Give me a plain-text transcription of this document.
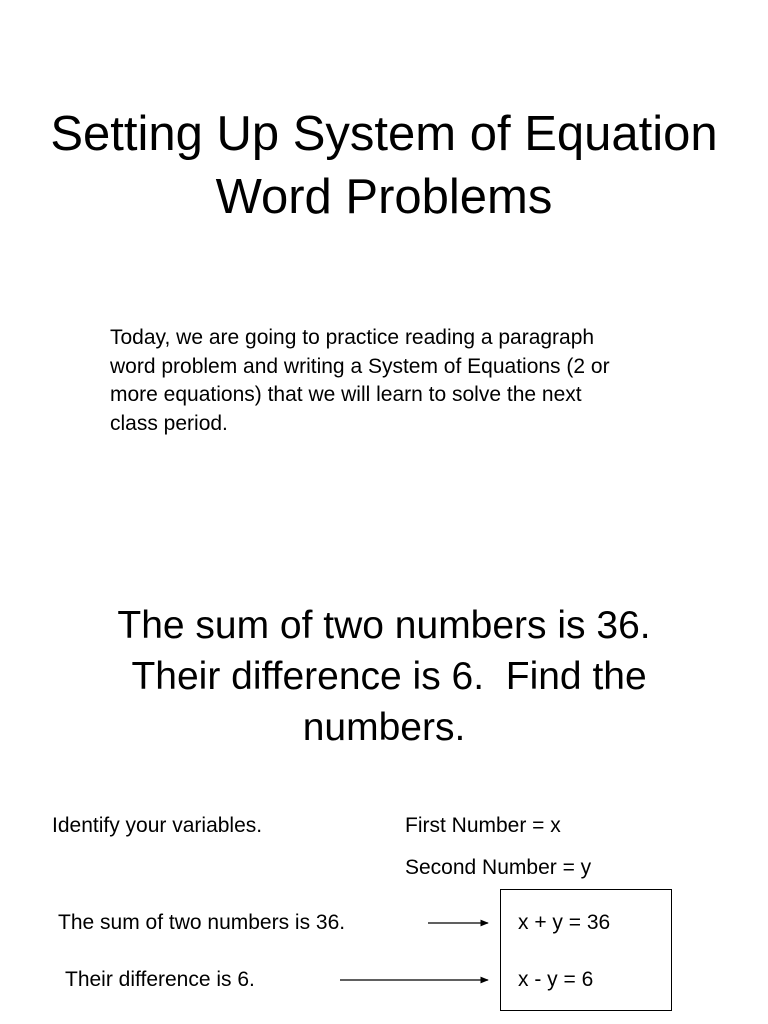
Setting Up System of Equation
Word Problems
Today, we are going to practice reading a paragraph
word problem and writing a System of Equations (2 or
more equations) that we will learn to solve the next
class period.
The sum of two numbers is 36.
Their difference is 6.  Find the
numbers.
Identify your variables.	First Number = x
Second Number = y
The sum of two numbers is 36.
Their difference is 6.
x + y = 36
x - y = 6
